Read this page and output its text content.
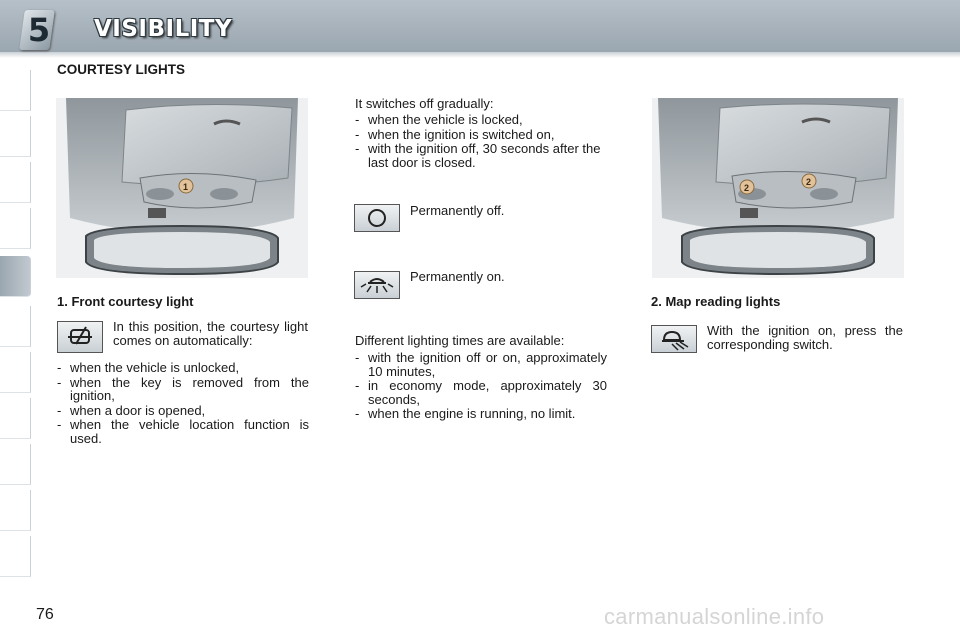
5 VISIBILITY
COURTESY LIGHTS
1
1. Front courtesy light
In this position, the courtesy light comes on automatically:
- when the vehicle is unlocked,
- when the key is removed from the ignition,
- when a door is opened,
- when the vehicle location function is used.
It switches off gradually:
- when the vehicle is locked,
- when the ignition is switched on,
- with the ignition off, 30 seconds after the last door is closed.
Permanently off.
Permanently on.
Different lighting times are available:
- with the ignition off or on, approximately 10 minutes,
- in economy mode, approximately 30 seconds,
- when the engine is running, no limit.
2
2
2. Map reading lights
With the ignition on, press the corresponding switch.
76	carmanualsonline.info
